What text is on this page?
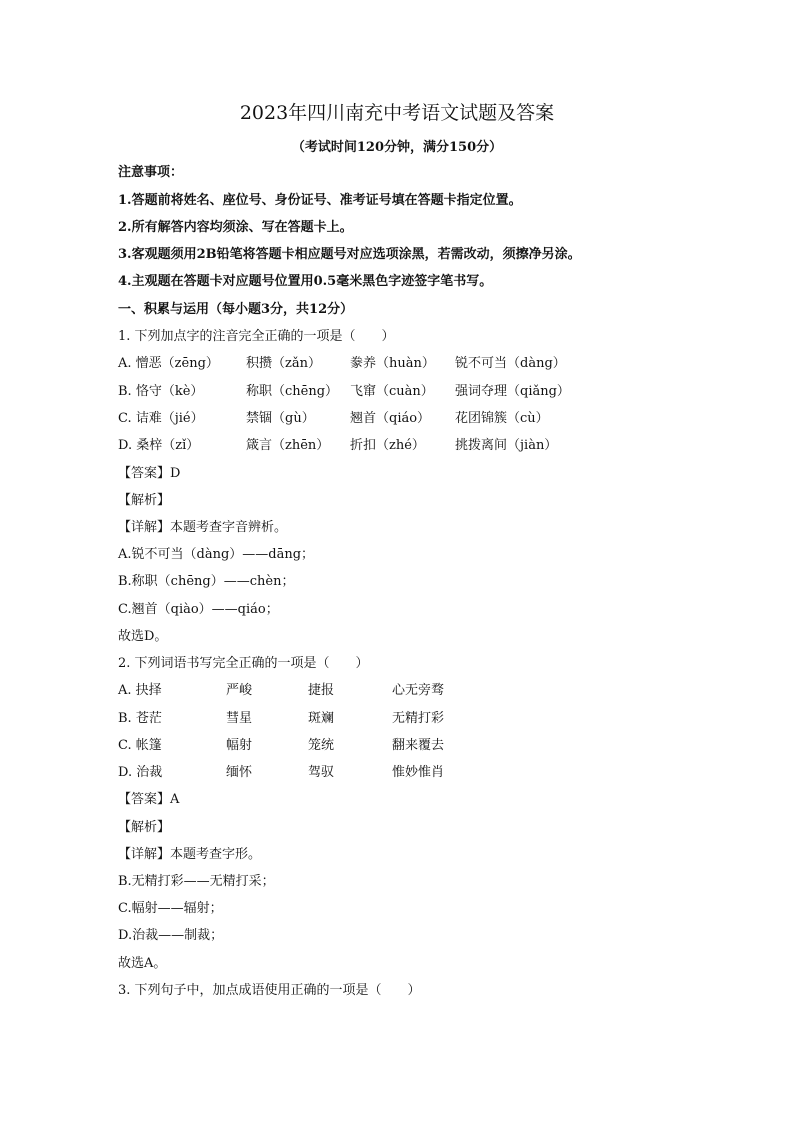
2023年四川南充中考语文试题及答案
（考试时间120分钟，满分150分）
注意事项：
1.答题前将姓名、座位号、身份证号、准考证号填在答题卡指定位置。
2.所有解答内容均须涂、写在答题卡上。
3.客观题须用2B铅笔将答题卡相应题号对应选项涂黑，若需改动，须擦净另涂。
4.主观题在答题卡对应题号位置用0.5毫米黑色字迹签字笔书写。
一、积累与运用（每小题3分，共12分）
1. 下列加点字的注音完全正确的一项是（　　）
A. 憎恶（zēng） 积攒（zǎn） 豢养（huàn） 锐不可当（dàng）
B. 恪守（kè）	称职（chēng） 飞窜（cuàn） 强词夺理（qiǎng）
C. 诘难（jié）	禁锢（gù）	翘首（qiáo） 花团锦簇（cù）
D. 桑梓（zǐ）	箴言（zhēn） 折扣（zhé） 挑拨离间（jiàn）
【答案】D
【解析】
【详解】本题考查字音辨析。
A.锐不可当（dàng）——dāng；
B.称职（chēng）——chèn；
C.翘首（qiào）——qiáo；
故选D。
2. 下列词语书写完全正确的一项是（　　）
A. 抉择	严峻	捷报	心无旁骛
B. 苍茫	彗星	斑斓	无精打彩
C. 帐篷	幅射	笼统	翻来覆去
D. 治裁	缅怀	驾驭	惟妙惟肖
【答案】A
【解析】
【详解】本题考查字形。
B.无精打彩——无精打采；
C.幅射——辐射；
D.治裁——制裁；
故选A。
3. 下列句子中，加点成语使用正确的一项是（　　）
